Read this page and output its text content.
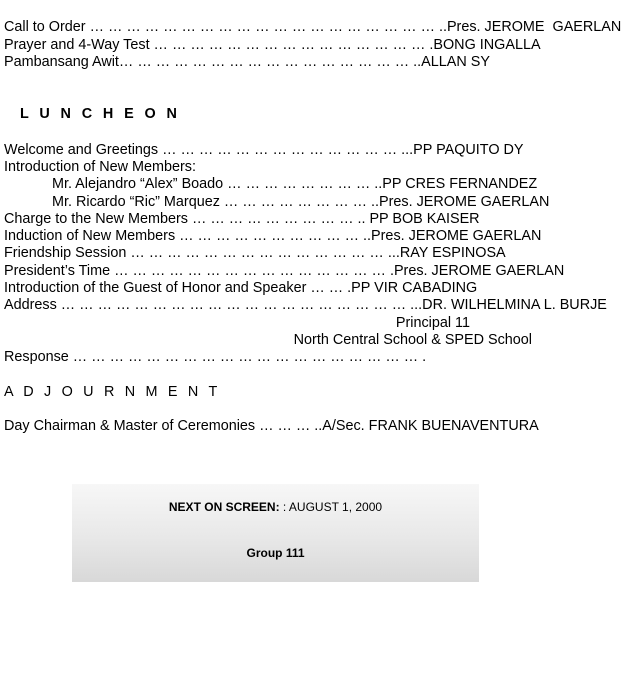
Call to Order … … … … … … … … … … … … … … … … … … … ..Pres. JEROME  GAERLAN
Prayer and 4-Way Test … … … … … … … … … … … … … … … .BONG INGALLA
Pambansang Awit… … … … … … … … … … … … … … … … ..ALLAN SY
L U N C H E O N
Welcome and Greetings … … … … … … … … … … … … … ...PP PAQUITO DY
Introduction of New Members:
Mr. Alejandro “Alex” Boado … … … … … … … … ..PP CRES FERNANDEZ
Mr. Ricardo “Ric” Marquez … … … … … … … … ..Pres. JEROME GAERLAN
Charge to the New Members … … … … … … … … … .. PP BOB KAISER
Induction of New Members … … … … … … … … … … ..Pres. JEROME GAERLAN
Friendship Session … … … … … … … … … … … … … … ...RAY ESPINOSA
President’s Time … … … … … … … … … … … … … … … .Pres. JEROME GAERLAN
Introduction of the Guest of Honor and Speaker … … .PP VIR CABADING
Address … … … … … … … … … … … … … … … … … … … ...DR. WILHELMINA L. BURJE
Principal 11
North Central School & SPED School
Response … … … … … … … … … … … … … … … … … … … .
A D J O U R N M E N T
Day Chairman & Master of Ceremonies … … … ..A/Sec. FRANK BUENAVENTURA
NEXT ON SCREEN: : AUGUST 1, 2000
Group 111
